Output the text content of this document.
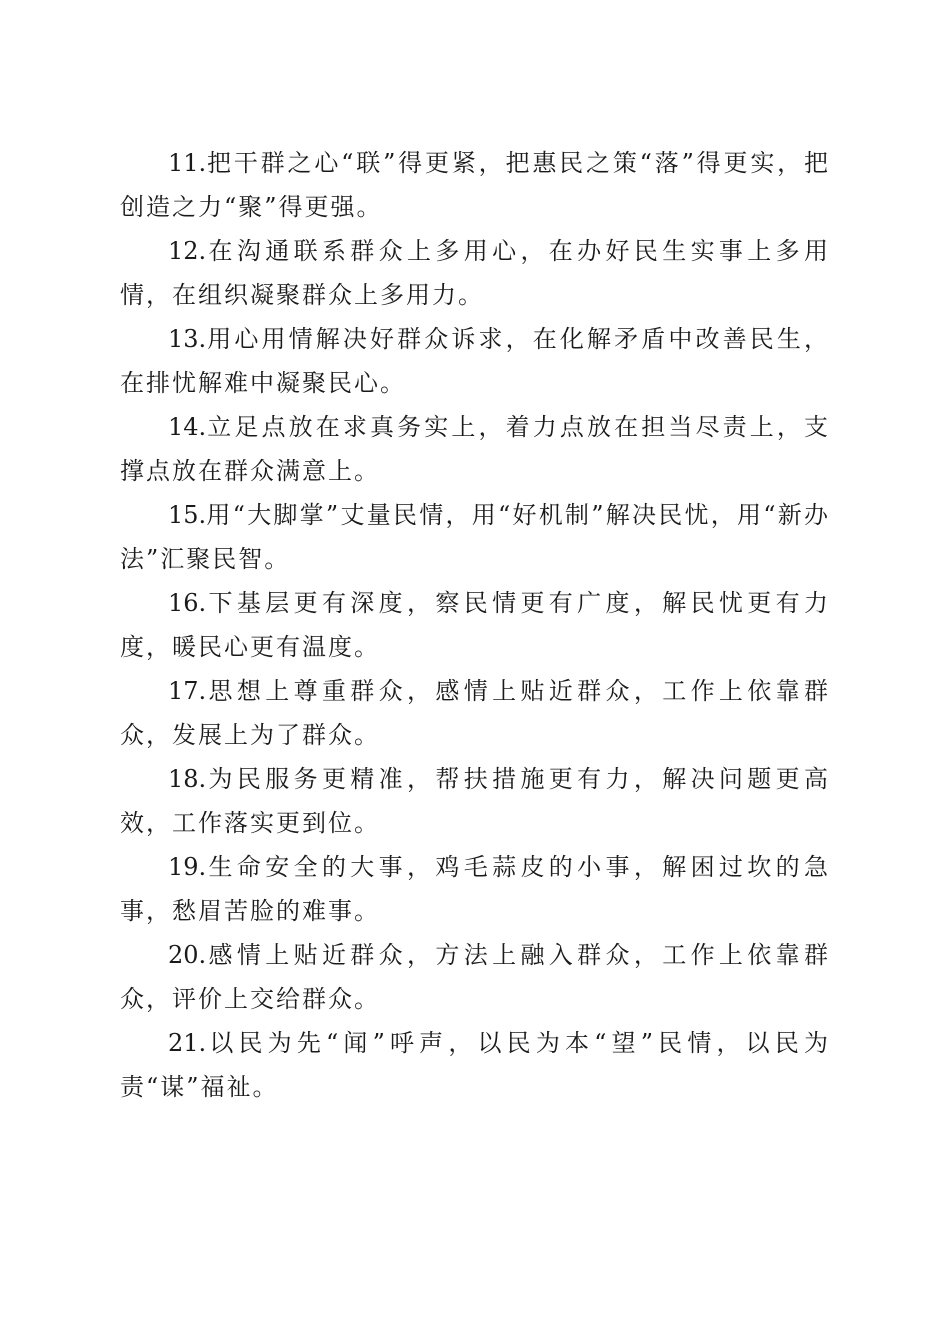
11.把干群之心“联”得更紧，把惠民之策“落”得更实，把创造之力“聚”得更强。

12.在沟通联系群众上多用心，在办好民生实事上多用情，在组织凝聚群众上多用力。

13.用心用情解决好群众诉求，在化解矛盾中改善民生，在排忧解难中凝聚民心。

14.立足点放在求真务实上，着力点放在担当尽责上，支撑点放在群众满意上。

15.用“大脚掌”丈量民情，用“好机制”解决民忧，用“新办法”汇聚民智。

16.下基层更有深度，察民情更有广度，解民忧更有力度，暖民心更有温度。

17.思想上尊重群众，感情上贴近群众，工作上依靠群众，发展上为了群众。

18.为民服务更精准，帮扶措施更有力，解决问题更高效，工作落实更到位。

19.生命安全的大事，鸡毛蒜皮的小事，解困过坎的急事，愁眉苦脸的难事。

20.感情上贴近群众，方法上融入群众，工作上依靠群众，评价上交给群众。

21.以民为先“闻”呼声，以民为本“望”民情，以民为责“谋”福祉。
